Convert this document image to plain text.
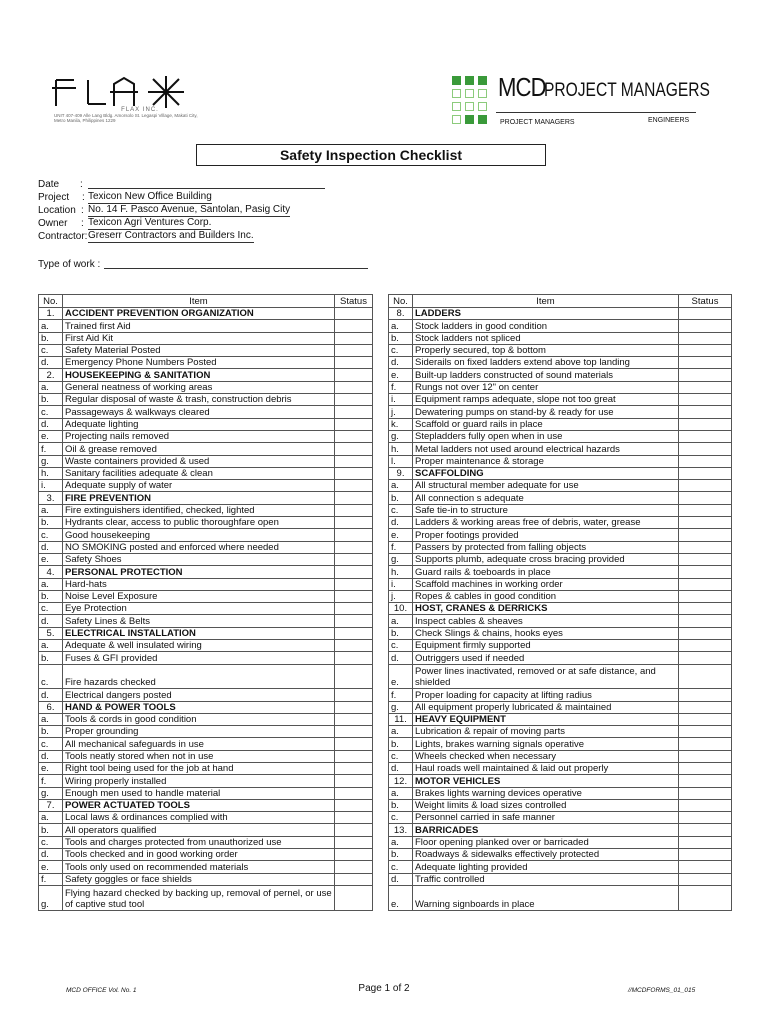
FLAX INC.
UNIT 407-409 Alle Lang Bldg. Amorsolo St. Legaspi Village, Makati City, Metro Manila, Philippines 1229
MCD
PROJECT MANAGERS
PROJECT MANAGERS	ENGINEERS
Safety Inspection Checklist
Date :
Project : Texicon New Office Building
Location : No. 14 F. Pasco Avenue, Santolan, Pasig City
Owner : Texicon Agri Ventures Corp.
Contractor: Greserr Contractors and Builders Inc.
Type of work :
No.	Item	Status
1.	ACCIDENT PREVENTION ORGANIZATION	
a.	Trained first Aid	
b.	First Aid Kit	
c.	Safety Material Posted	
d.	Emergency Phone Numbers Posted	
2.	HOUSEKEEPING & SANITATION	
a.	General neatness of working areas	
b.	Regular disposal of waste & trash, construction debris	
c.	Passageways & walkways cleared	
d.	Adequate lighting	
e.	Projecting nails removed	
f.	Oil & grease removed	
g.	Waste containers provided & used	
h.	Sanitary facilities adequate & clean	
i.	Adequate supply of water	
3.	FIRE PREVENTION	
a.	Fire extinguishers identified, checked, lighted	
b.	Hydrants clear, access to public thoroughfare open	
c.	Good housekeeping	
d.	NO SMOKING posted and enforced where needed	
e.	Safety Shoes	
4.	PERSONAL PROTECTION	
a.	Hard-hats	
b.	Noise Level Exposure	
c.	Eye Protection	
d.	Safety Lines & Belts	
5.	ELECTRICAL INSTALLATION	
a.	Adequate & well insulated wiring	
b.	Fuses & GFI provided	
c.	Fire hazards checked	
d.	Electrical dangers posted	
6.	HAND & POWER TOOLS	
a.	Tools & cords in good condition	
b.	Proper grounding	
c.	All mechanical safeguards in use	
d.	Tools neatly stored when not in use	
e.	Right tool being used for the job at hand	
f.	Wiring properly installed	
g.	Enough men used to handle material	
7.	POWER ACTUATED TOOLS	
a.	Local laws & ordinances complied with	
b.	All operators qualified	
c.	Tools and charges protected from unauthorized use	
d.	Tools checked and in good working order	
e.	Tools only used on recommended materials	
f.	Safety goggles or face shields	
g.	Flying hazard checked by backing up, removal of pernel, or use of captive stud tool	
No.	Item	Status
8.	LADDERS	
a.	Stock ladders in good condition	
b.	Stock ladders not spliced	
c.	Properly secured, top & bottom	
d.	Siderails on fixed ladders extend above top landing	
e.	Built-up ladders constructed of sound materials	
f.	Rungs not over 12" on center	
i.	Equipment ramps adequate, slope not too great	
j.	Dewatering pumps on stand-by & ready for use	
k.	Scaffold or guard rails in place	
g.	Stepladders fully open when in use	
h.	Metal ladders not used around electrical hazards	
l.	Proper maintenance & storage	
9.	SCAFFOLDING	
a.	All structural member adequate for use	
b.	All connection s adequate	
c.	Safe tie-in to structure	
d.	Ladders & working areas free of debris, water, grease	
e.	Proper footings provided	
f.	Passers by protected from falling objects	
g.	Supports plumb, adequate cross bracing provided	
h.	Guard rails & toeboards in place	
i.	Scaffold machines in working order	
j.	Ropes & cables in good condition	
10.	HOST, CRANES & DERRICKS	
a.	Inspect cables & sheaves	
b.	Check Slings & chains, hooks eyes	
c.	Equipment firmly supported	
d.	Outriggers used if needed	
e.	Power lines inactivated, removed or at safe distance, and shielded	
f.	Proper loading for capacity at lifting radius	
g.	All equipment properly lubricated & maintained	
11.	HEAVY EQUIPMENT	
a.	Lubrication & repair of moving parts	
b.	Lights, brakes warning signals operative	
c.	Wheels checked when necessary	
d.	Haul roads well maintained & laid out properly	
12.	MOTOR VEHICLES	
a.	Brakes lights warning devices operative	
b.	Weight limits & load sizes controlled	
c.	Personnel carried in safe manner	
13.	BARRICADES	
a.	Floor opening planked over or barricaded	
b.	Roadways & sidewalks effectively protected	
c.	Adequate lighting provided	
d.	Traffic controlled	
e.	Warning signboards in place	
MCD OFFICE Vol. No. 1	Page 1 of 2	//MCDFORMS_01_015
